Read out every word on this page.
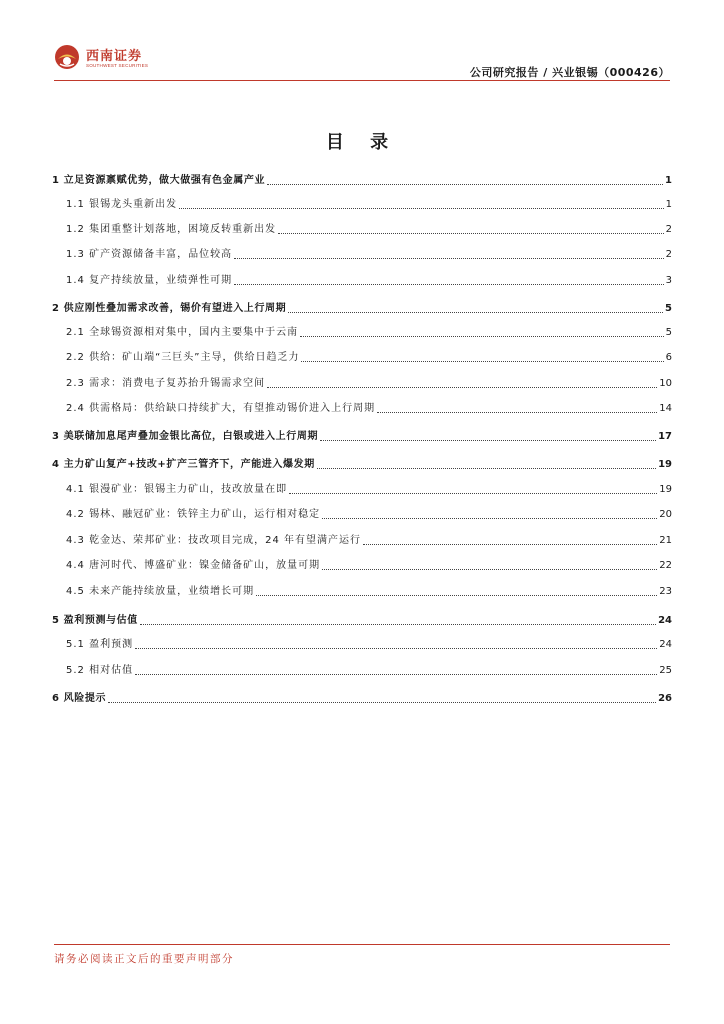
西南证券
SOUTHWEST SECURITIES
公司研究报告 / 兴业银锡（000426）
目 录
1 立足资源禀赋优势，做大做强有色金属产业	1
1.1 银锡龙头重新出发	1
1.2 集团重整计划落地，困境反转重新出发	2
1.3 矿产资源储备丰富，品位较高	2
1.4 复产持续放量，业绩弹性可期	3
2 供应刚性叠加需求改善，锡价有望进入上行周期	5
2.1 全球锡资源相对集中，国内主要集中于云南	5
2.2 供给：矿山端“三巨头”主导，供给日趋乏力	6
2.3 需求：消费电子复苏抬升锡需求空间	10
2.4 供需格局：供给缺口持续扩大，有望推动锡价进入上行周期	14
3 美联储加息尾声叠加金银比高位，白银或进入上行周期	17
4 主力矿山复产+技改+扩产三管齐下，产能进入爆发期	19
4.1 银漫矿业：银锡主力矿山，技改放量在即	19
4.2 锡林、融冠矿业：铁锌主力矿山，运行相对稳定	20
4.3 乾金达、荣邦矿业：技改项目完成，24 年有望满产运行	21
4.4 唐河时代、博盛矿业：镍金储备矿山，放量可期	22
4.5 未来产能持续放量，业绩增长可期	23
5 盈利预测与估值	24
5.1 盈利预测	24
5.2 相对估值	25
6 风险提示	26
请务必阅读正文后的重要声明部分
